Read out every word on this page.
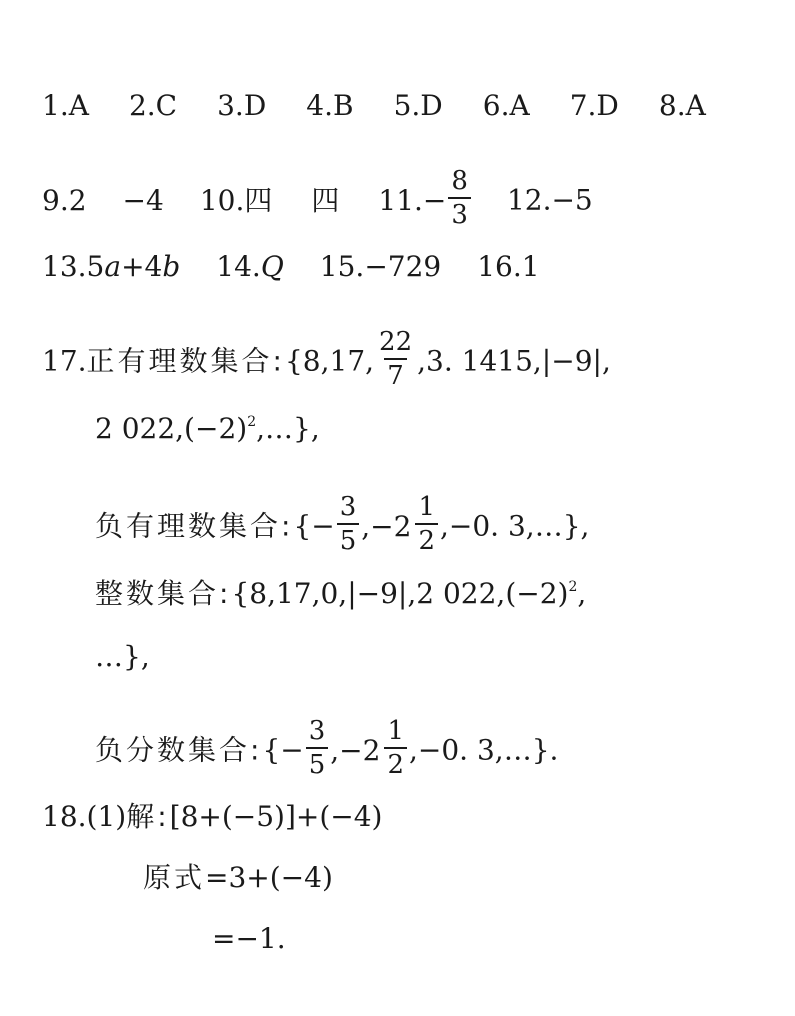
1.A 2.C 3.D 4.B 5.D 6.A 7.D 8.A
9.2 −4 10.四 四 $11.- \frac{8}{3} 12.-5$
13.5a+4b 14.Q 15.−729 16.1
17.正有理数集合:{8,17, $\frac{22}{7} ,3$. 1415,|−9|,
2 $022,(-2)^2,\dots$},
负有理数集合:{− $\frac{3}{5} ,-2 \frac{1}{2} ,-0$. 3,…},
整数集合:{8,17,0,|−9|,2 $022,(-2)^2$,
…},
负分数集合:{− $\frac{3}{5} ,-2 \frac{1}{2} ,-0$. 3,…}.
18.(1)解:[8+(−5)]+(−4)
原式=3+(−4)
=−1.
